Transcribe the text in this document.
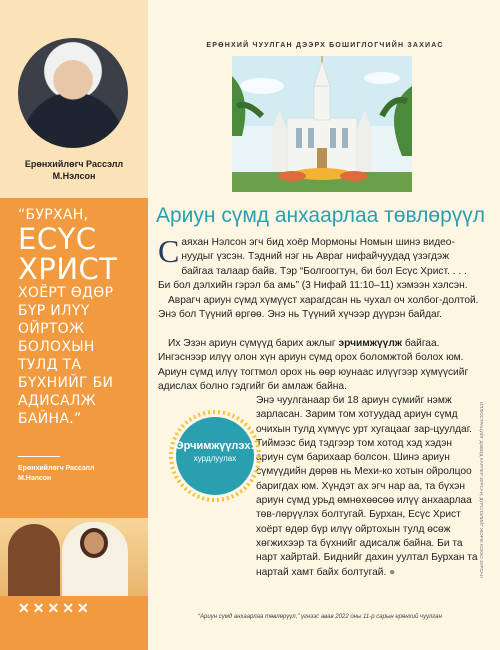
Ерөнхийлөгч Рассэлл
М.Нэлсон
“БУРХАН,
ЕСҮС
ХРИСТ
ХОЁРТ ӨДӨР
БҮР ИЛҮҮ
ОЙРТОЖ
БОЛОХЫН
ТУЛД ТА
БҮХНИЙГ БИ
АДИСАЛЖ
БАЙНА.”
Ерөнхийлөгч Рассэлл
М.Нэлсон
✕✕✕✕✕
ЕРӨНХИЙ ЧУУЛГАН ДЭЭРХ БОШИГЛОГЧИЙН ЗАХИАС
Ариун сүмд анхаарлаа төвлөрүүл
Саяхан Нэлсон эгч бид хоёр Мормоны Номын шинэ видео-нуудыг үзсэн. Тэдний нэг нь Авраг нифайчуудад үзэгдэж байгаа талаар байв. Тэр “Болгоогтун, би бол Есүс Христ. . . . Би бол дэлхийн гэрэл ба амь” (3 Нифай 11:10–11) хэмээн хэлсэн.
Аврагч ариун сүмд хүмүүст харагдсан нь чухал оч холбог-долтой. Энэ бол Түүний өргөө. Энэ нь Түүний хүчээр дүүрэн байдаг.
Их Эзэн ариун сүмүүд барих ажлыг эрчимжүүлж байгаа. Ингэснээр илүү олон хүн ариун сүмд орох боломжтой болох юм. Ариун сүмд илүү тогтмол орох нь өөр юунаас илүүгээр хүмүүсийг адислах болно гэдгийг би амлаж байна.
Энэ чуулганаар би 18 ариун сүмийг нэмж зарласан. Зарим том хотуудад ариун сүмд очихын тулд хүмүүс урт хугацааг зар-цуулдаг. Тиймээс бид тэдгээр том хотод хэд хэдэн ариун сүм барихаар болсон. Шинэ ариун сүмүүдийн дөрөв нь Мехи-ко хотын ойролцоо баригдах юм. Хүндэт ах эгч нар аа, та бүхэн ариун сүмд урьд өмнөхөөсөө илүү анхаарлаа төв-лөрүүлэх болтугай. Бурхан, Есүс Христ хоёрт өдөр бүр илүү ойртохын тулд өсөж хөгжихээр та бүхнийг адисалж байна. Би та нарт хайртай. Биднийг дахин уултал Бурхан та нартай хамт байх болтугай. ●
Эрчимжүүлэх:
хурдлуулах
“Ариун сүмд анхаарлаа төвлөрүүл,” үгнээс авав 2022 оны 11-р сарын ерөнхий чуулган
ИЛЛЮСТРАЦИЙГ ДЭВИД ХАРПЕР ЗУРСАН; ДҮРСЛЭЛИЙГ ЖОРЖ КОККО ЗУРСАН
